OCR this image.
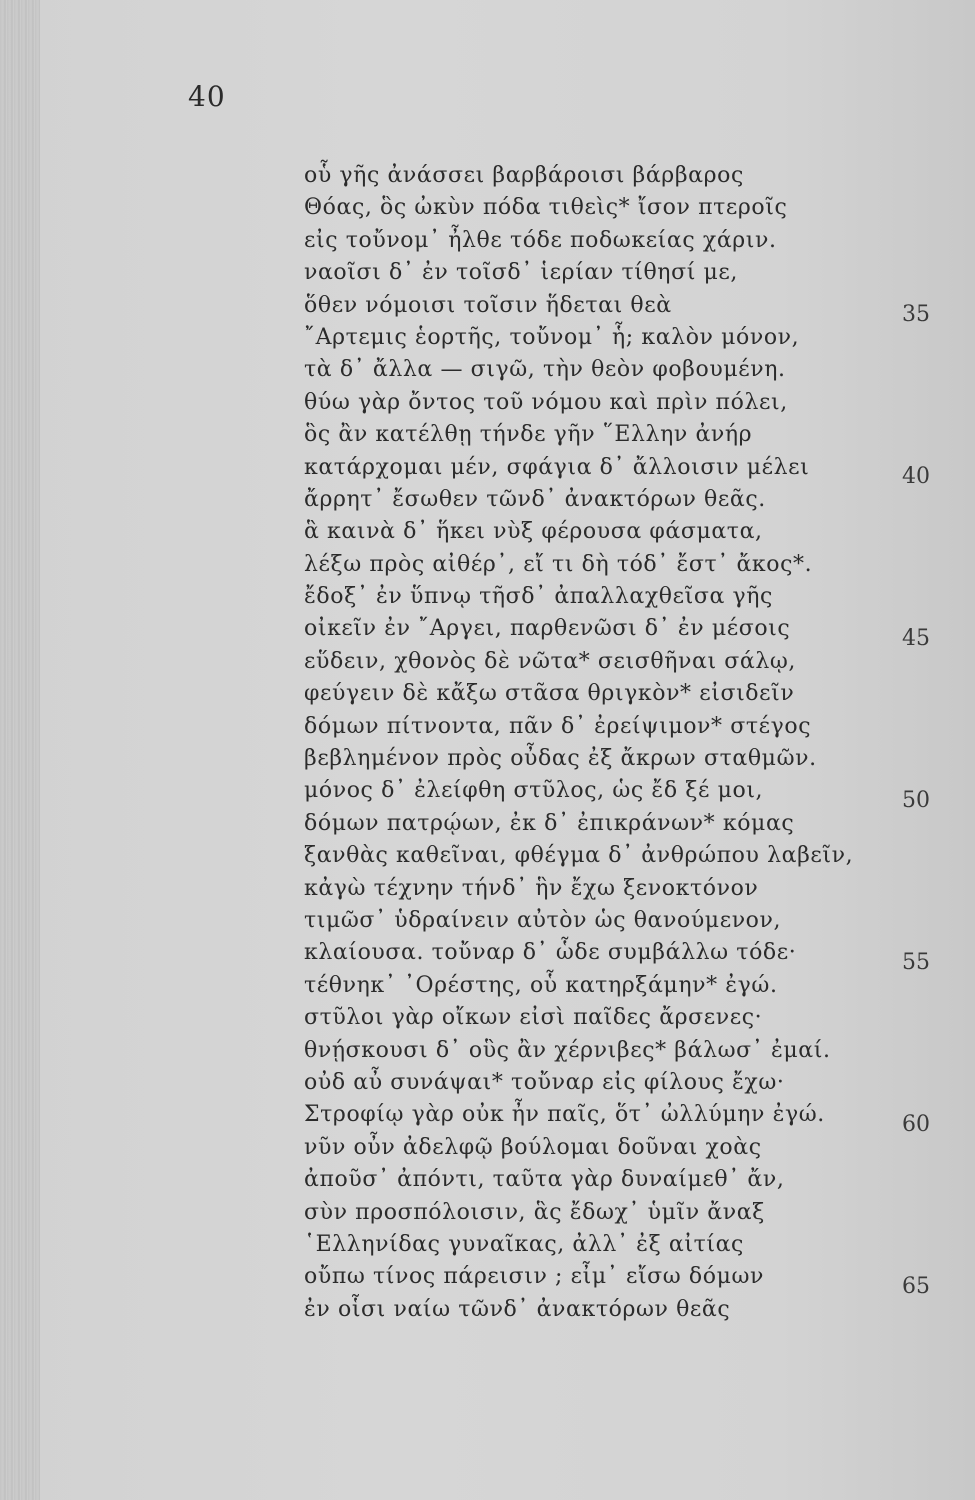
40
οὗ γῆς ἀνάσσει βαρβάροισι βάρβαρος
Θόας, ὃς ὠκὺν πόδα τιθεὶς* ἴσον πτεροῖς
εἰς τοὔνομ᾽ ἦλθε τόδε ποδωκείας χάριν.
ναοῖσι δ᾽ ἐν τοῖσδ᾽ ἱερίαν τίθησί με,
ὅθεν νόμοισι τοῖσιν ἥδεται θεὰ
῎Αρτεμις ἑορτῆς, τοὔνομ᾽ ἧ; καλὸν μόνον,
τὰ δ᾽ ἄλλα — σιγῶ, τὴν θεὸν φοβουμένη.
θύω γὰρ ὄντος τοῦ νόμου καὶ πρὶν πόλει,
ὃς ἂν κατέλθῃ τήνδε γῆν ῞Ελλην ἀνήρ
κατάρχομαι μέν, σφάγια δ᾽ ἄλλοισιν μέλει
ἄρρητ᾽ ἔσωθεν τῶνδ᾽ ἀνακτόρων θεᾶς.
ἃ καινὰ δ᾽ ἥκει νὺξ φέρουσα φάσματα,
λέξω πρὸς αἰθέρ᾽, εἴ τι δὴ τόδ᾽ ἔστ᾽ ἄκος*.
ἔδοξ᾽ ἐν ὕπνῳ τῆσδ᾽ ἀπαλλαχθεῖσα γῆς
οἰκεῖν ἐν ῎Αργει, παρθενῶσι δ᾽ ἐν μέσοις
εὕδειν, χθονὸς δὲ νῶτα* σεισθῆναι σάλῳ,
φεύγειν δὲ κἄξω στᾶσα θριγκὸν* εἰσιδεῖν
δόμων πίτνοντα, πᾶν δ᾽ ἐρείψιμον* στέγος
βεβλημένον πρὸς οὖδας ἐξ ἄκρων σταθμῶν.
μόνος δ᾽ ἐλείφθη στῦλος, ὡς ἔδ ξέ μοι,
δόμων πατρῴων, ἐκ δ᾽ ἐπικράνων* κόμας
ξανθὰς καθεῖναι, φθέγμα δ᾽ ἀνθρώπου λαβεῖν,
κἀγὼ τέχνην τήνδ᾽ ἣν ἔχω ξενοκτόνον
τιμῶσ᾽ ὑδραίνειν αὐτὸν ὡς θανούμενον,
κλαίουσα. τοὔναρ δ᾽ ὧδε συμβάλλω τόδε·
τέθνηκ᾽ ᾿Ορέστης, οὗ κατηρξάμην* ἐγώ.
στῦλοι γὰρ οἴκων εἰσὶ παῖδες ἄρσενες·
θνῄσκουσι δ᾽ οὓς ἂν χέρνιβες* βάλωσ᾽ ἐμαί.
οὐδ αὖ συνάψαι* τοὔναρ εἰς φίλους ἔχω·
Στροφίῳ γὰρ οὐκ ἦν παῖς, ὅτ᾽ ὠλλύμην ἐγώ.
νῦν οὖν ἀδελφῷ βούλομαι δοῦναι χοὰς
ἀποῦσ᾽ ἀπόντι, ταῦτα γὰρ δυναίμεθ᾽ ἄν,
σὺν προσπόλοισιν, ἃς ἔδωχ᾽ ὑμῖν ἄναξ
῾Ελληνίδας γυναῖκας, ἀλλ᾽ ἐξ αἰτίας
οὔπω τίνος πάρεισιν ; εἶμ᾽ εἴσω δόμων
ἐν οἷσι ναίω τῶνδ᾽ ἀνακτόρων θεᾶς
35
40
45
50
55
60
65
